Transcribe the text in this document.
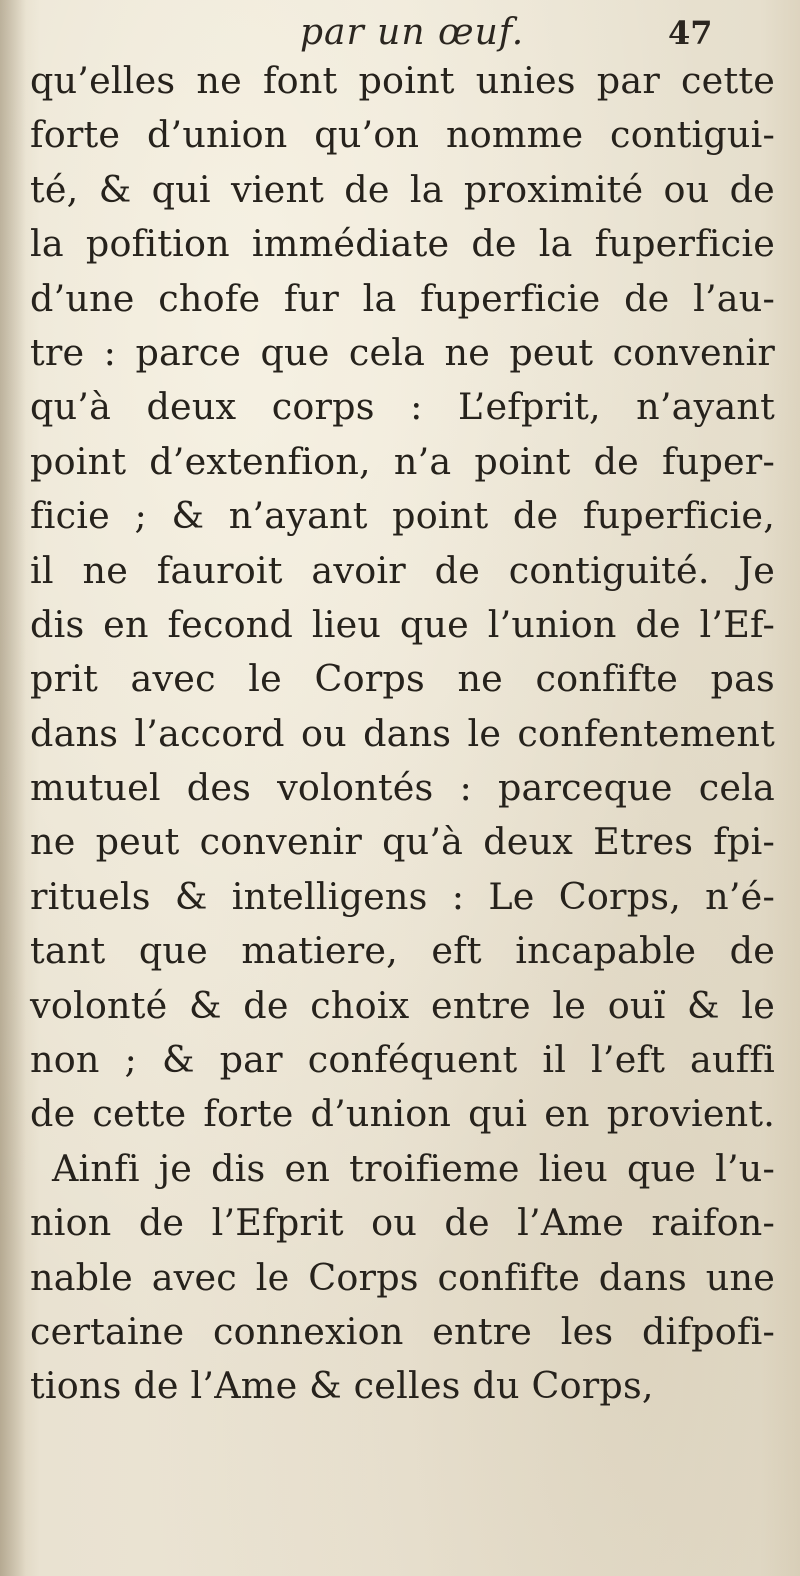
par un œuf.	47
qu’elles ne font point unies par cette
forte d’union qu’on nomme contigui-
té, & qui vient de la proximité ou de
la pofition immédiate de la fuperficie
d’une chofe fur la fuperficie de l’au-
tre : parce que cela ne peut convenir
qu’à deux corps : L’efprit, n’ayant
point d’extenfion, n’a point de fuper-
ficie ; & n’ayant point de fuperficie,
il ne fauroit avoir de contiguité. Je
dis en fecond lieu que l’union de l’Ef-
prit avec le Corps ne confifte pas
dans l’accord ou dans le confentement
mutuel des volontés : parceque cela
ne peut convenir qu’à deux Etres fpi-
rituels & intelligens : Le Corps, n’é-
tant que matiere, eft incapable de
volonté & de choix entre le ouï & le
non ; & par conféquent il l’eft auffi
de cette forte d’union qui en provient.
Ainfi je dis en troifieme lieu que l’u-
nion de l’Efprit ou de l’Ame raifon-
nable avec le Corps confifte dans une
certaine connexion entre les difpofi-
tions de l’Ame & celles du Corps,
